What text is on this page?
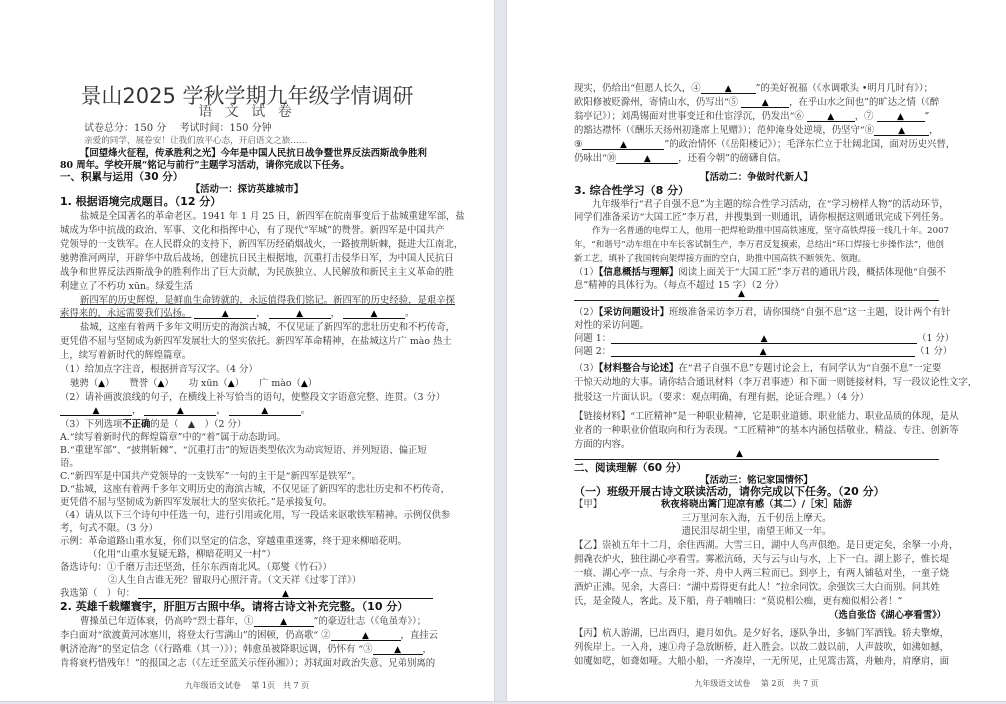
景山2025 学秋学期九年级学情调研
语 文 试 卷
试卷总分：150 分　 考试时间：150 分钟
亲爱的同学，展卷安！让我们放平心态，开启语文之旅……
【回望烽火征程，传承胜利之光】今年是中国人民抗日战争暨世界反法西斯战争胜利
80 周年。学校开展“铭记与前行”主题学习活动，请你完成以下任务。
一、积累与运用（30 分）
【活动一：探访英雄城市】
1. 根据语境完成题目。（12 分）
盐城是全国著名的革命老区。1941 年 1 月 25 日，新四军在皖南事变后于盐城重建军部，盐
城成为华中抗战的政治、军事、文化和指挥中心，有了现代“军城”的赞誉。新四军是中国共产
党领导的一支铁军。在人民群众的支持下，新四军历经硝烟战火，一路披荆斩棘，挺进大江南北，
驰骋淮河两岸，开辟华中敌后战场，创建抗日民主根据地，沉重打击侵华日军，为中国人民抗日
战争和世界反法西斯战争的胜利作出了巨大贡献，为民族独立、人民解放和新民主主义革命的胜
利建立了不朽功 xūn。绿爱生活
新四军的历史辉煌，是鲜血生命铸就的，永远值得我们铭记。新四军的历史经验，是艰辛探
索得来的，永远需要我们弘扬。	▲	，	▲	，	▲	。
盐城，这座有着两千多年文明历史的海滨古城，不仅见证了新四军的悲壮历史和不朽传奇，
更凭借不屈与坚韧成为新四军发展壮大的坚实依托。新四军革命精神，在盐城这片广 mào 热土
上，续写着新时代的辉煌篇章。
（1）给加点字注音，根据拼音写汉字。（4 分）
驰骋（▲）     赞誉（▲）     功 xūn（▲）     广 mào（▲）
（2）请补画波浪线的句子，在横线上补写恰当的语句，使整段文字语意完整、连贯。（3 分）
▲	，	▲	，	▲	。
（3）下列选项不正确的是（　▲　）（2 分）
A.“续写着新时代的辉煌篇章”中的“着”属于动态助词。
B.“重建军部”、“披荆斩棘”、“沉重打击”的短语类型依次为动宾短语、并列短语、偏正短
语。
C.“新四军是中国共产党领导的一支铁军”一句的主干是“新四军是铁军”。
D.“盐城，这座有着两千多年文明历史的海滨古城，不仅见证了新四军的悲壮历史和不朽传奇，
更凭借不屈与坚韧成为新四军发展壮大的坚实依托。”是承接复句。
（4）请从以下三个诗句中任选一句，进行引用或化用，写一段话来讴歌铁军精神。示例仅供参
考，句式不限。（3 分）
示例：革命道路山重水复，你们以坚定的信念，穿越重重迷雾，终于迎来柳暗花明。
（化用“山重水复疑无路，柳暗花明又一村”）
备选诗句：①千磨万击还坚劲，任尔东西南北风。（郑燮《竹石》）
②人生自古谁无死？留取丹心照汗青。（文天祥《过零丁洋》）
我选第（　）句：	▲
2. 英雄千载耀寰宇，肝胆万古照中华。请将古诗文补充完整。（10 分）
曹操虽已年迈体衰，仍高吟“烈士暮年，①	▲	”的豪迈壮志（《龟虽寿》）；
李白面对“欲渡黄河冰塞川，将登太行雪满山”的困顿，仍高歌“ ②	▲	，直挂云
帆济沧海”的坚定信念（《行路难（其一）》）；韩愈虽被降职远调，仍怀有 “③ ▲ ，
肯将衰朽惜残年！”的报国之志（《左迁至蓝关示侄孙湘》）；苏轼面对政治失意、兄弟别离的
九年级语文试卷　 第 1页　共 7 页
现实，仍给出“但愿人长久，④	▲	”的美好祝福（《水调歌头 •明月几时有》）；
欧阳修被贬滁州，寄情山水，仍写出“⑤ ▲ ，在乎山水之间也”的旷达之情（《醉
翁亭记》）；刘禹锡面对世事变迁和仕宦浮沉，仍发出“⑥ ▲ ，⑦ ▲ ”
的豁达襟怀（《酬乐天扬州初逢席上见赠》）；范仲淹身处逆境，仍坚守“⑧	▲	，
⑨	▲	”的政治情怀（《岳阳楼记》）；毛泽东伫立于壮阔北国，面对历史兴替，
仍咏出“⑩	▲	，还看今朝”的磅礴自信。
【活动二：争做时代新人】
3. 综合性学习（8 分）
九年级举行“君子自强不息”为主题的综合性学习活动，在“学习榜样人物”的活动环节，
同学们准备采访“大国工匠”李万君，并搜集到一则通讯，请你根据这则通讯完成下列任务。
作为一名普通的电焊工人，他用一把焊枪助推中国高铁速度，坚守高铁焊接一线几十年。2007
年，“和谐号”动车组在中车长客试制生产，李万君反复摸索，总结出“环口焊接七步操作法”，他创
新工艺，填补了我国转向架焊接方面的空白，助推中国高铁不断领先、领跑。
（1）【信息概括与理解】阅读上面关于“大国工匠”李万君的通讯片段，概括体现他“自强不
息”精神的具体行为。（每点不超过 15 字）（2 分）
▲
（2）【采访问题设计】班级准备采访李万君，请你围绕“自强不息”这一主题，设计两个有针
对性的采访问题。
问题 1：	▲	（1 分）
问题 2：	▲	（1 分）
（3）【材料整合与论述】在“君子自强不息”专题讨论会上，有同学认为“自强不息”一定要
干惊天动地的大事。请你结合通讯材料（李万君事迹）和下面一则链接材料，写一段议论性文字，
批驳这一片面认识。（要求：观点明确，有理有据，论证合理。）（4 分）
【链接材料】“工匠精神”是一种职业精神，它是职业道德、职业能力、职业品质的体现，是从
业者的一种职业价值取向和行为表现。“工匠精神”的基本内涵包括敬业、精益、专注、创新等
方面的内容。
▲
二、阅读理解（60 分）
【活动三：铭记家国情怀】
（一）班级开展古诗文联读活动，请你完成以下任务。（20 分）
【甲】	秋夜将晓出篱门迎凉有感（其二）/［宋］陆游
三万里河东入海，五千仞岳上摩天。
遗民泪尽胡尘里，南望王师又一年。
【乙】崇祯五年十二月，余住西湖。大雪三日，湖中人鸟声俱绝。是日更定矣，余拏一小舟，
拥毳衣炉火，独往湖心亭看雪。雾凇沆砀，天与云与山与水，上下一白。湖上影子，惟长堤
一痕、湖心亭一点、与余舟一芥、舟中人两三粒而已。到亭上，有两人铺毡对坐，一童子烧
酒炉正沸。见余，大喜曰：“湖中焉得更有此人！”拉余同饮。余强饮三大白而别。问其姓
氏，是金陵人，客此。及下船，舟子喃喃曰：“莫说相公痴，更有痴似相公者！”
（选自张岱《湖心亭看雪》）
【丙】杭人游湖，巳出酉归，避月如仇。是夕好名，逐队争出，多犒门军酒钱。轿夫擎燎，
列俟岸上。一入舟，速①舟子急放断桥，赶入胜会。以故二鼓以前，人声鼓吹，如沸如撼，
如魇如呓，如聋如哑。大船小船，一齐凑岸，一无所见，止见篙击篙，舟触舟，肩摩肩，面
九年级语文试卷　 第 2页　共 7 页
